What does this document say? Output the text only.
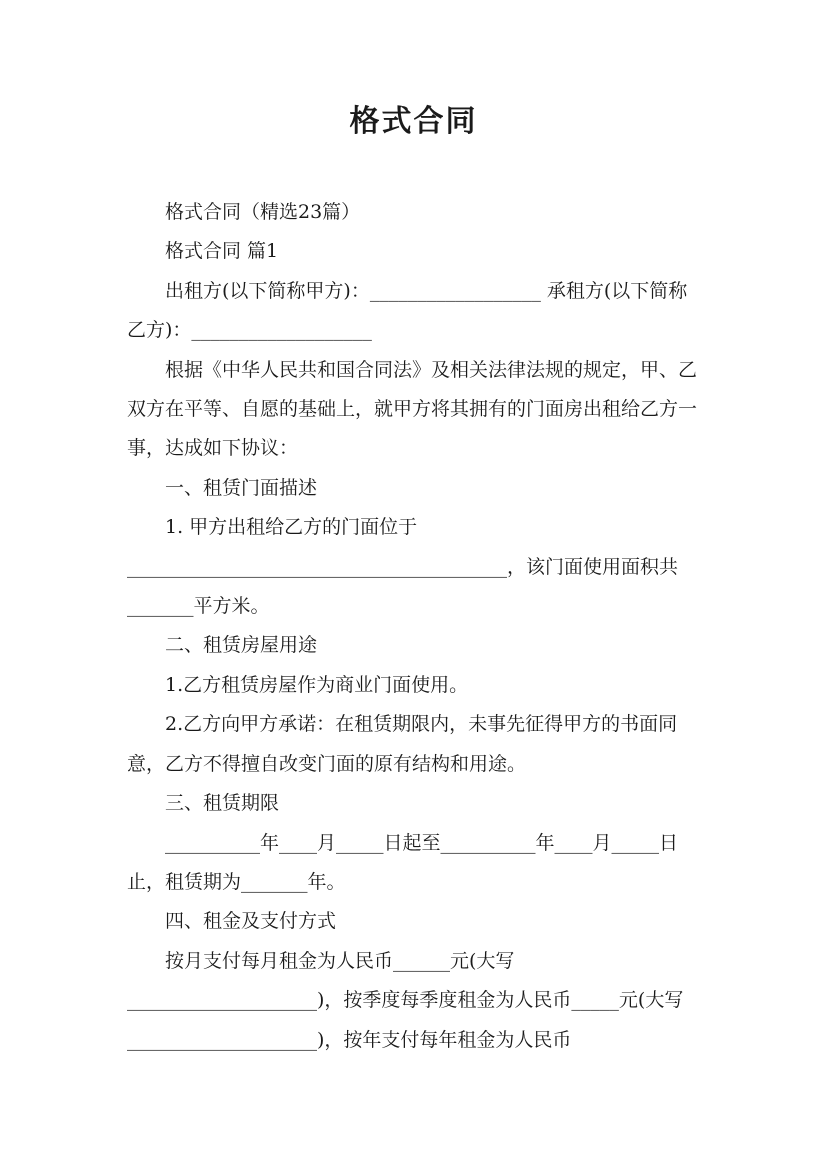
格式合同

格式合同（精选23篇）

格式合同 篇1

出租方(以下简称甲方)：__________________ 承租方(以下简称乙方)：___________________

根据《中华人民共和国合同法》及相关法律法规的规定，甲、乙双方在平等、自愿的基础上，就甲方将其拥有的门面房出租给乙方一事，达成如下协议：

一、租赁门面描述

1. 甲方出租给乙方的门面位于________________________________________，该门面使用面积共_______平方米。

二、租赁房屋用途

1.乙方租赁房屋作为商业门面使用。

2.乙方向甲方承诺：在租赁期限内，未事先征得甲方的书面同意，乙方不得擅自改变门面的原有结构和用途。

三、租赁期限

__________年____月_____日起至__________年____月_____日止，租赁期为_______年。

四、租金及支付方式

按月支付每月租金为人民币______元(大写____________________)，按季度每季度租金为人民币_____元(大写____________________)，按年支付每年租金为人民币
